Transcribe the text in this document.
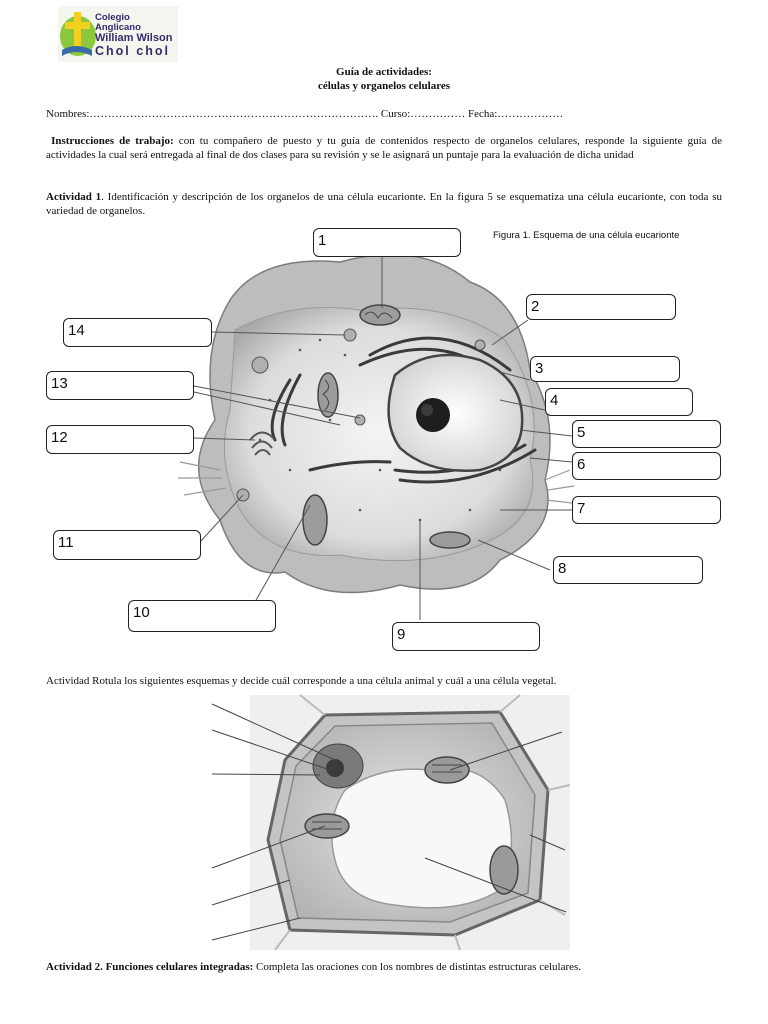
Colegio Anglicano
William Wilson
Chol chol
Guía de actividades:
células y organelos celulares
Nombres:……………………………………………………………………. Curso:…………… Fecha:………………
Instrucciones de trabajo: con tu compañero de puesto y tu guía de contenidos respecto de organelos celulares, responde la siguiente guía de actividades la cual será entregada al final de dos clases para su revisión y se le asignará un puntaje para la evaluación de dicha unidad
Actividad 1. Identificación y descripción de los organelos de una célula eucarionte. En la figura 5 se esquematiza una célula eucarionte, con toda su variedad de organelos.
1
2
3
4
5
6
7
8
9
10
11
12
13
14
Figura 1. Esquema de una célula eucarionte
Actividad Rotula los siguientes esquemas y decide cuál corresponde a una célula animal y cuál a una célula vegetal.
Actividad 2. Funciones celulares integradas: Completa las oraciones con los nombres de distintas estructuras celulares.
